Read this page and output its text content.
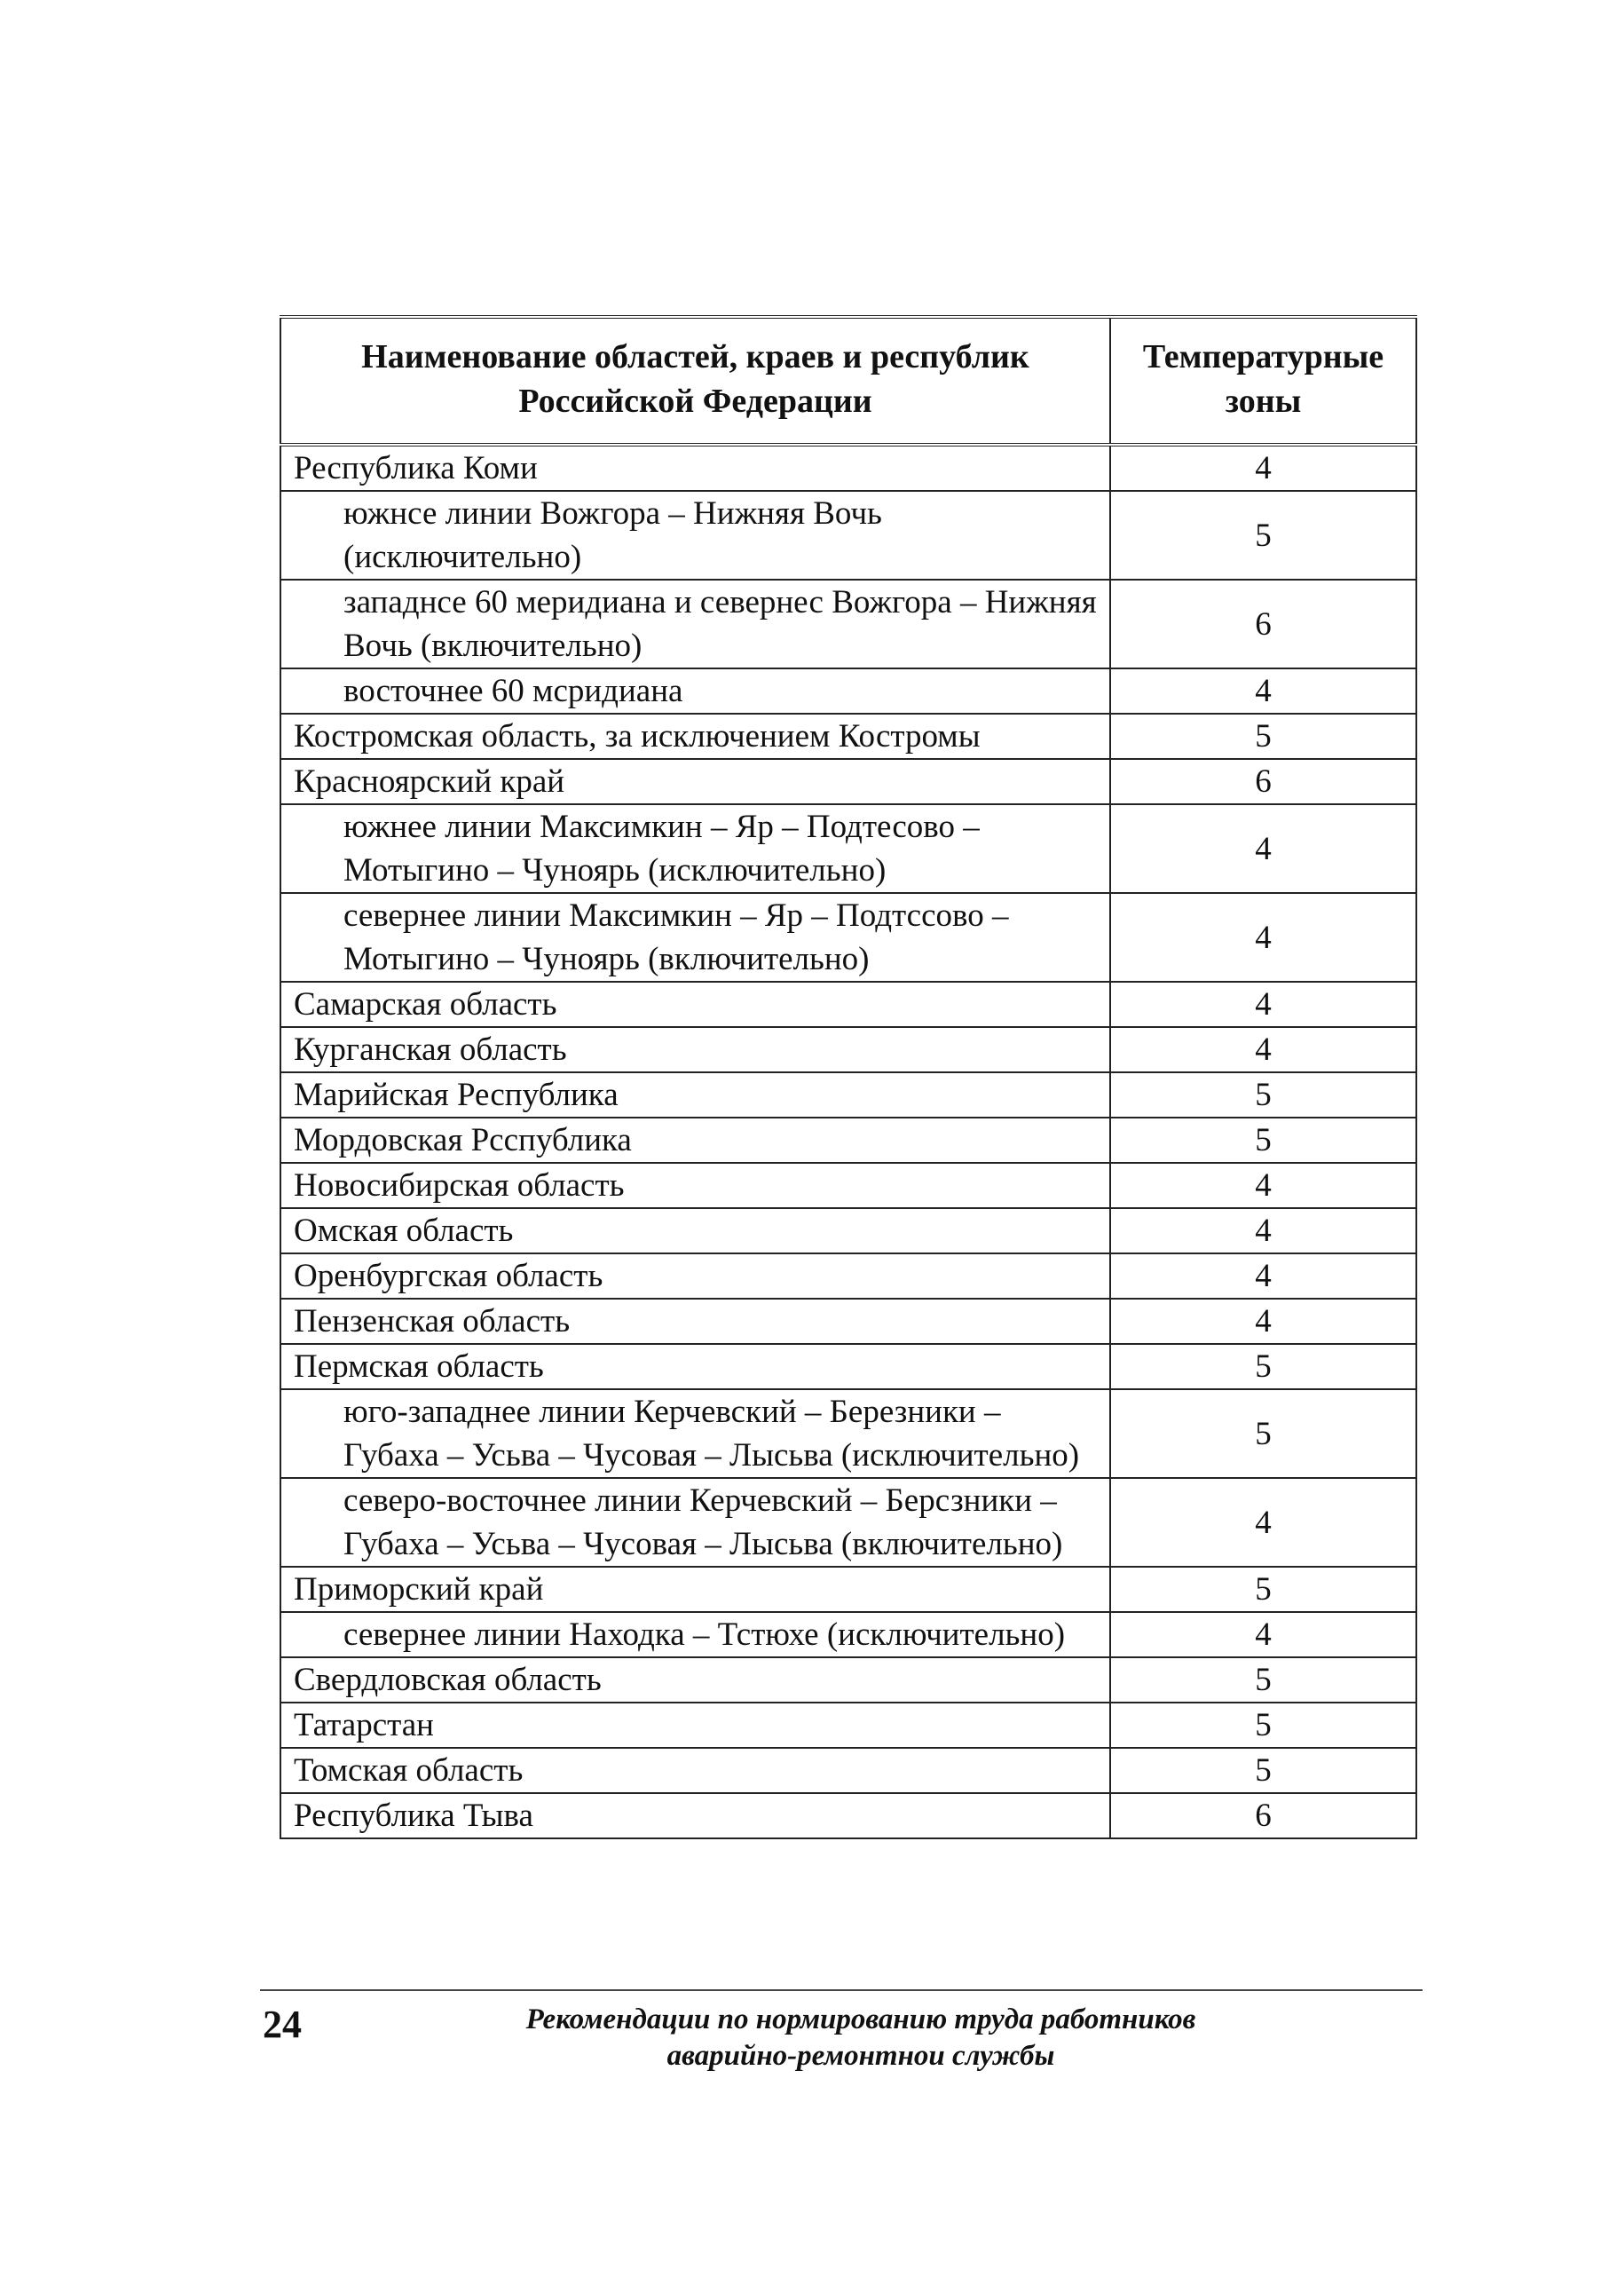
Наименование областей, краев и республик Российской Федерации	Температурные зоны
Республика Коми	4
южнсе линии Вожгора – Нижняя Вочь (исключительно)	5
западнсе 60 меридиана и севернес Вожгора – Нижняя Вочь (включительно)	6
восточнее 60 мсридиана	4
Костромская область, за исключением Костромы	5
Красноярский край	6
южнее линии Максимкин – Яр – Подтесово – Мотыгино – Чуноярь (исключительно)	4
севернее линии Максимкин – Яр – Подтссово – Мотыгино – Чуноярь (включительно)	4
Самарская область	4
Курганская область	4
Марийская Республика	5
Мордовская Рсспублика	5
Новосибирская область	4
Омская область	4
Оренбургская область	4
Пензенская область	4
Пермская область	5
юго-западнее линии Керчевский – Березники – Губаха – Усьва – Чусовая – Лысьва (исключительно)	5
северо-восточнее линии Керчевский – Берсзники – Губаха – Усьва – Чусовая – Лысьва (включительно)	4
Приморский край	5
севернее линии Находка – Тстюхе (исключительно)	4
Свердловская область	5
Татарстан	5
Томская область	5
Республика Тыва	6
24	Рекомендации по нормированию труда работников
аварийно-ремонтнои службы
